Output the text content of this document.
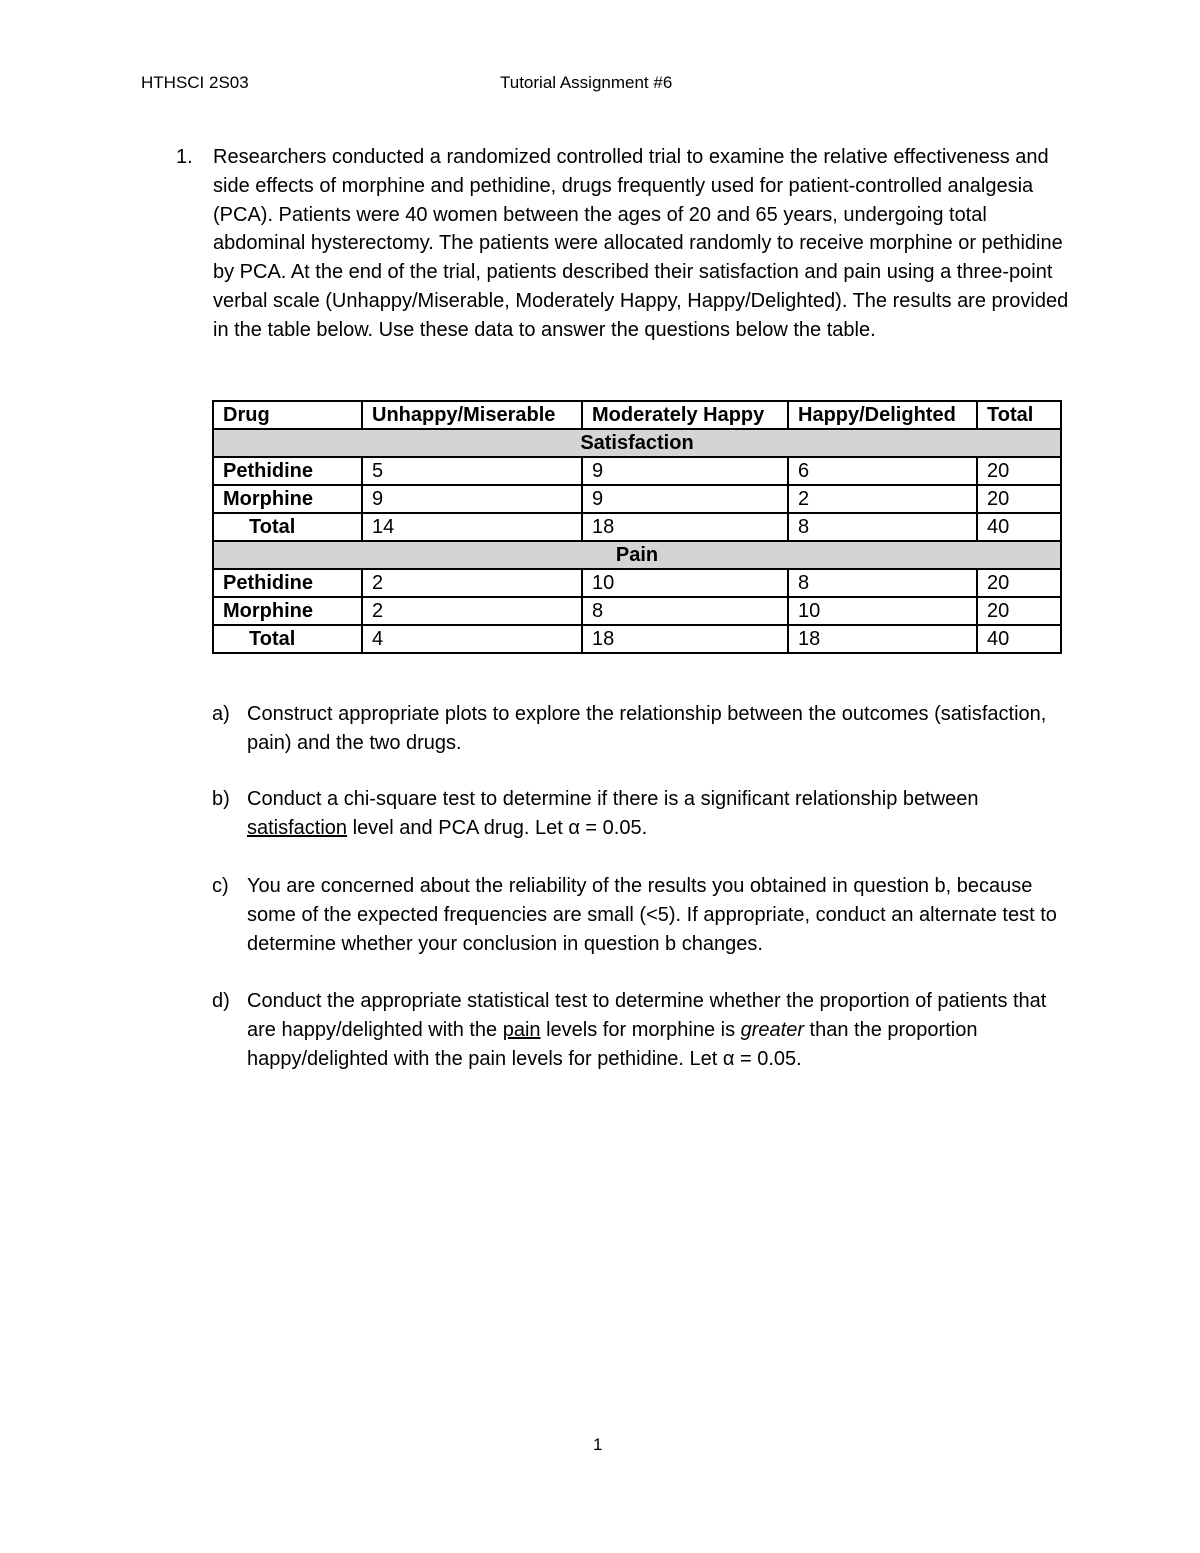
HTHSCI 2S03	Tutorial Assignment #6
1. Researchers conducted a randomized controlled trial to examine the relative effectiveness and side effects of morphine and pethidine, drugs frequently used for patient-controlled analgesia (PCA). Patients were 40 women between the ages of 20 and 65 years, undergoing total abdominal hysterectomy. The patients were allocated randomly to receive morphine or pethidine by PCA. At the end of the trial, patients described their satisfaction and pain using a three-point verbal scale (Unhappy/Miserable, Moderately Happy, Happy/Delighted). The results are provided in the table below. Use these data to answer the questions below the table.
Drug	Unhappy/Miserable	Moderately Happy	Happy/Delighted	Total
Satisfaction				
Pethidine	5	9	6	20
Morphine	9	9	2	20
Total	14	18	8	40
Pain				
Pethidine	2	10	8	20
Morphine	2	8	10	20
Total	4	18	18	40
a) Construct appropriate plots to explore the relationship between the outcomes (satisfaction, pain) and the two drugs.
b) Conduct a chi-square test to determine if there is a significant relationship between satisfaction level and PCA drug. Let α = 0.05.
c) You are concerned about the reliability of the results you obtained in question b, because some of the expected frequencies are small (<5). If appropriate, conduct an alternate test to determine whether your conclusion in question b changes.
d) Conduct the appropriate statistical test to determine whether the proportion of patients that are happy/delighted with the pain levels for morphine is greater than the proportion happy/delighted with the pain levels for pethidine. Let α = 0.05.
1
